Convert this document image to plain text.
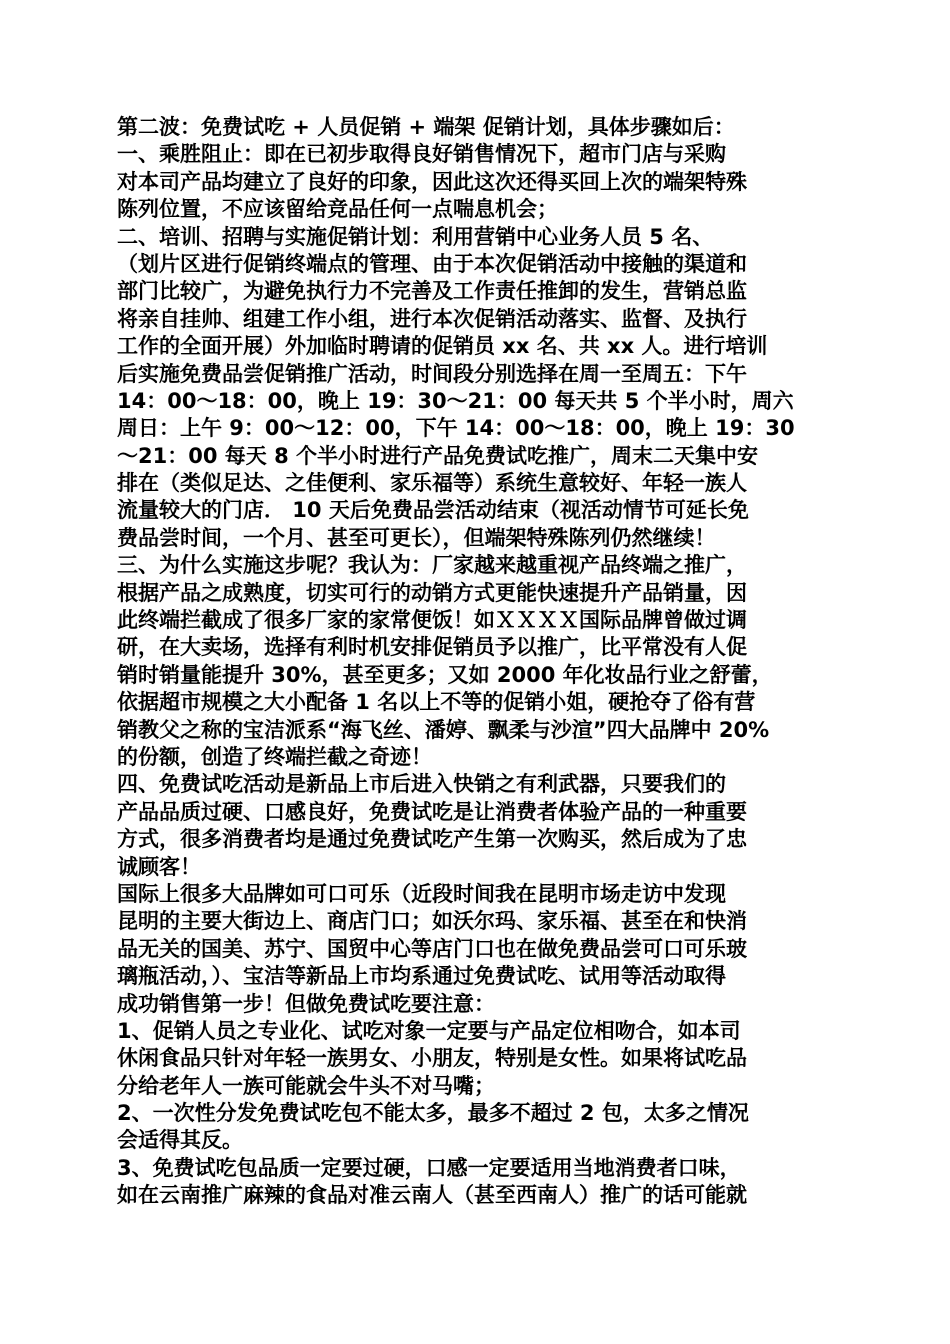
第二波：免费试吃 + 人员促销 + 端架 促销计划，具体步骤如后：
一、乘胜阻止：即在已初步取得良好销售情况下，超市门店与采购
对本司产品均建立了良好的印象，因此这次还得买回上次的端架特殊
陈列位置，不应该留给竞品任何一点喘息机会；
二、培训、招聘与实施促销计划：利用营销中心业务人员 5 名、
（划片区进行促销终端点的管理、由于本次促销活动中接触的渠道和
部门比较广，为避免执行力不完善及工作责任推卸的发生，营销总监
将亲自挂帅、组建工作小组，进行本次促销活动落实、监督、及执行
工作的全面开展）外加临时聘请的促销员 xx 名、共 xx 人。进行培训
后实施免费品尝促销推广活动，时间段分别选择在周一至周五：下午
14：00～18：00，晚上 19：30～21：00 每天共 5 个半小时，周六
周日：上午 9：00～12：00，下午 14：00～18：00，晚上 19：30
～21：00 每天 8 个半小时进行产品免费试吃推广，周末二天集中安
排在（类似足达、之佳便利、家乐福等）系统生意较好、年轻一族人
流量较大的门店． 10 天后免费品尝活动结束（视活动情节可延长免
费品尝时间，一个月、甚至可更长），但端架特殊陈列仍然继续！
三、为什么实施这步呢？我认为：厂家越来越重视产品终端之推广，
根据产品之成熟度，切实可行的动销方式更能快速提升产品销量，因
此终端拦截成了很多厂家的家常便饭！如ＸＸＸＸ国际品牌曾做过调
研，在大卖场，选择有利时机安排促销员予以推广，比平常没有人促
销时销量能提升 30%，甚至更多；又如 2000 年化妆品行业之舒蕾，
依据超市规模之大小配备 1 名以上不等的促销小姐，硬抢夺了俗有营
销教父之称的宝洁派系“海飞丝、潘婷、飘柔与沙渲”四大品牌中 20%
的份额，创造了终端拦截之奇迹！
四、免费试吃活动是新品上市后进入快销之有利武器，只要我们的
产品品质过硬、口感良好，免费试吃是让消费者体验产品的一种重要
方式，很多消费者均是通过免费试吃产生第一次购买，然后成为了忠
诚顾客！
国际上很多大品牌如可口可乐（近段时间我在昆明市场走访中发现
昆明的主要大街边上、商店门口；如沃尔玛、家乐福、甚至在和快消
品无关的国美、苏宁、国贸中心等店门口也在做免费品尝可口可乐玻
璃瓶活动，）、宝洁等新品上市均系通过免费试吃、试用等活动取得
成功销售第一步！但做免费试吃要注意：
1、促销人员之专业化、试吃对象一定要与产品定位相吻合，如本司
休闲食品只针对年轻一族男女、小朋友，特别是女性。如果将试吃品
分给老年人一族可能就会牛头不对马嘴；
2、一次性分发免费试吃包不能太多，最多不超过 2 包，太多之情况
会适得其反。
3、免费试吃包品质一定要过硬，口感一定要适用当地消费者口味，
如在云南推广麻辣的食品对准云南人（甚至西南人）推广的话可能就
